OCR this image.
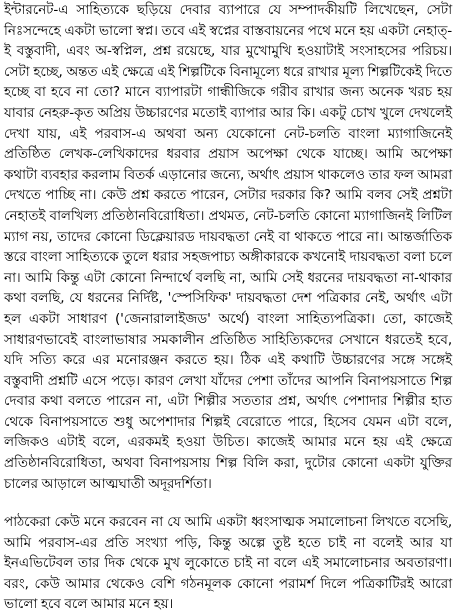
ইন্টারনেট-এ সাহিত্যকে ছড়িয়ে দেবার ব্যাপারে যে সম্পাদকীয়টি লিখেছেন, সেটা নিঃসন্দেহে একটা ভালো স্বপ্ন। তবে এই স্বপ্নের বাস্তবায়নের পথে মনে হয় একটা নেহাত্‌-ই বস্তুবাদী, এবং অ-স্বপ্নিল, প্রশ্ন রয়েছে, যার মুখোমুখি হওয়াটাই সংসাহসের পরিচয়। সেটা হচ্ছে, অন্তত এই ক্ষেত্রে এই শিল্পটিকে বিনামূল্যে ধরে রাখার মূল্য শিল্পটিকেই দিতে হচ্ছে বা হবে না তো? মানে ব্যাপারটা গান্ধীজিকে গরীব রাখার জন্য অনেক খরচ হয় যাবার নেহরু-কৃত অপ্রিয় উচ্চারণের মতোই ব্যাপার আর কি। একটু চোখ খুলে দেখলেই দেখা যায়, এই পরবাস-এ অথবা অন্য যেকোনো নেট-চলতি বাংলা ম্যাগাজিনেই প্রতিষ্ঠিত লেখক-লেখিকাদের ধরবার প্রয়াস অপেক্ষা থেকে যাচ্ছে। আমি অপেক্ষা কথাটা ব্যবহার করলাম বিতর্ক এড়ানোর জন্যে, অর্থাৎ প্রয়াস থাকলেও তার ফল আমরা দেখতে পাচ্ছি না। কেউ প্রশ্ন করতে পারেন, সেটার দরকার কি? আমি বলব সেই প্রশ্নটা নেহাতই বালখিল্য প্রতিষ্ঠানবিরোধিতা। প্রথমত, নেট-চলতি কোনো ম্যাগাজিনই লিটিল ম্যাগ নয়, তাদের কোনো ডিক্লেয়ারড দায়বদ্ধতা নেই বা থাকতে পারে না। আন্তর্জাতিক স্তরে বাংলা সাহিত্যকে তুলে ধরার সহজপাচ্য অঙ্গীকারকে কখনোই দায়বদ্ধতা বলা চলে না। আমি কিন্তু এটা কোনো নিন্দার্থে বলছি না, আমি সেই ধরনের দায়বদ্ধতা না-থাকার কথা বলছি, যে ধরনের নির্দিষ্ট, 'স্পেসিফিক' দায়বদ্ধতা দেশ পত্রিকার নেই, অর্থাৎ এটা হল একটা সাধারণ ('জেনারালাইজড' অর্থে) বাংলা সাহিত্যপত্রিকা। তো, কাজেই সাধারণভাবেই বাংলাভাষার সমকালীন প্রতিষ্ঠিত সাহিত্যিকদের সেখানে ধরতেই হবে, যদি সত্যি করে এর মনোরঞ্জন করতে হয়। ঠিক এই কথাটি উচ্চারণের সঙ্গে সঙ্গেই বস্তুবাদী প্রশ্নটি এসে পড়ে। কারণ লেখা যাঁদের পেশা তাঁদের আপনি বিনাপয়সাতে শিল্প দেবার কথা বলতে পারেন না, এটা শিল্পীর সততার প্রশ্ন, অর্থাৎ পেশাদার শিল্পীর হাত থেকে বিনাপয়সাতে শুধু অপেশাদার শিল্পই বেরোতে পারে, হিসেব যেমন এটা বলে, লজিকও এটাই বলে, এরকমই হওয়া উচিত। কাজেই আমার মনে হয় এই ক্ষেত্রে প্রতিষ্ঠানবিরোধিতা, অথবা বিনাপয়সায় শিল্প বিলি করা, দুটোর কোনো একটা যুক্তির চালের আড়ালে আত্মঘাতী অদূরদর্শিতা।

পাঠকেরা কেউ মনে করবেন না যে আমি একটা ধ্বংসাত্মক সমালোচনা লিখতে বসেছি, আমি পরবাস-এর প্রতি সংখ্যা পড়ি, কিন্তু অল্পে তুষ্ট হতে চাই না বলেই আর যা ইনএভিটেবল তার দিক থেকে মুখ লুকোতে চাই না বলে এই সমালোচনার অবতারণা। বরং, কেউ আমার থেকেও বেশি গঠনমূলক কোনো পরামর্শ দিলে পত্রিকাটিরই আরো ভালো হবে বলে আমার মনে হয়।
